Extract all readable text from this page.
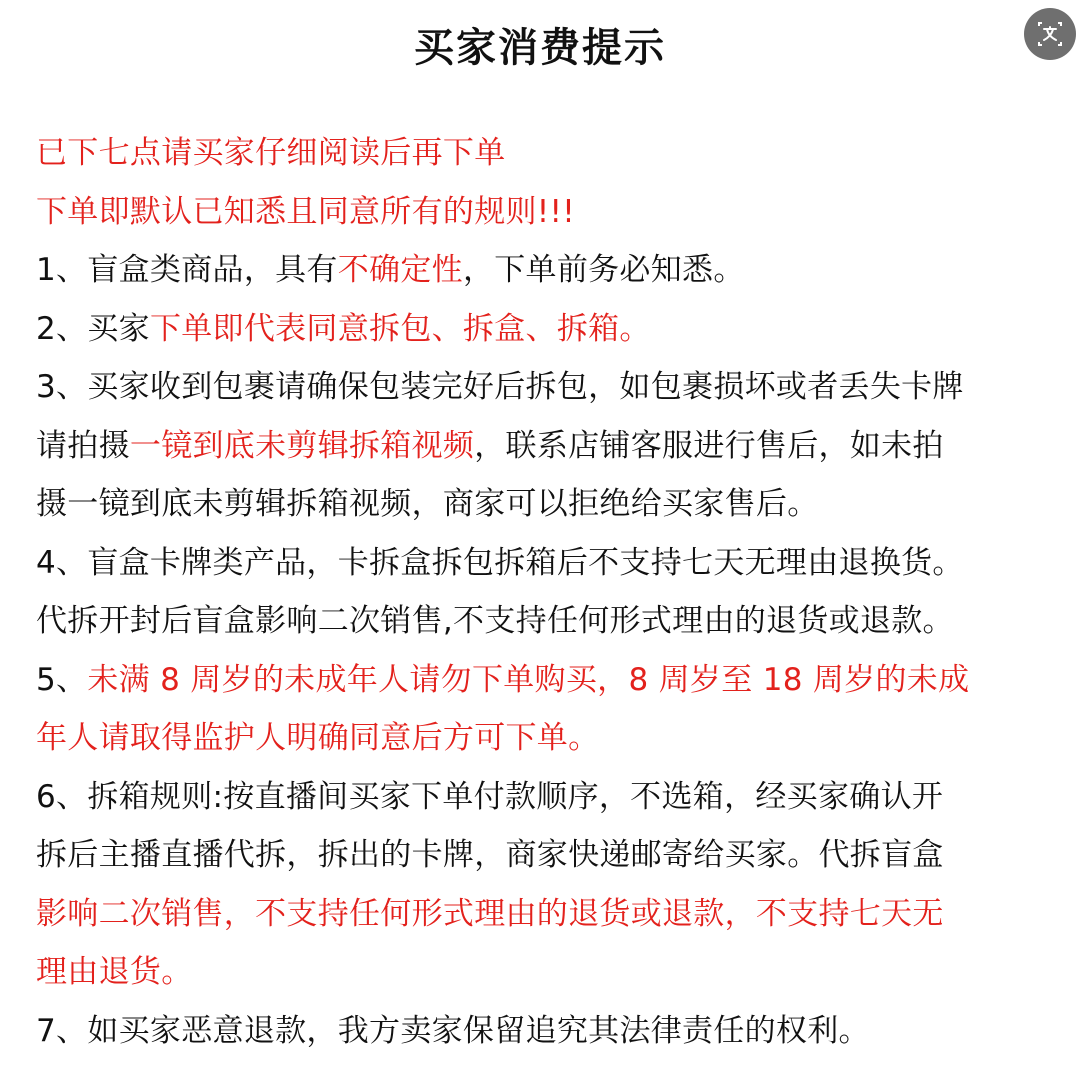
买家消费提示
已下七点请买家仔细阅读后再下单
下单即默认已知悉且同意所有的规则!!!
1、盲盒类商品，具有不确定性，下单前务必知悉。
2、买家下单即代表同意拆包、拆盒、拆箱。
3、买家收到包裹请确保包装完好后拆包，如包裹损坏或者丢失卡牌
请拍摄一镜到底未剪辑拆箱视频，联系店铺客服进行售后，如未拍
摄一镜到底未剪辑拆箱视频，商家可以拒绝给买家售后。
4、盲盒卡牌类产品，卡拆盒拆包拆箱后不支持七天无理由退换货。
代拆开封后盲盒影响二次销售,不支持任何形式理由的退货或退款。
5、未满 8 周岁的未成年人请勿下单购买，8 周岁至 18 周岁的未成
年人请取得监护人明确同意后方可下单。
6、拆箱规则:按直播间买家下单付款顺序，不选箱，经买家确认开
拆后主播直播代拆，拆出的卡牌，商家快递邮寄给买家。代拆盲盒
影响二次销售，不支持任何形式理由的退货或退款，不支持七天无
理由退货。
7、如买家恶意退款，我方卖家保留追究其法律责任的权利。
